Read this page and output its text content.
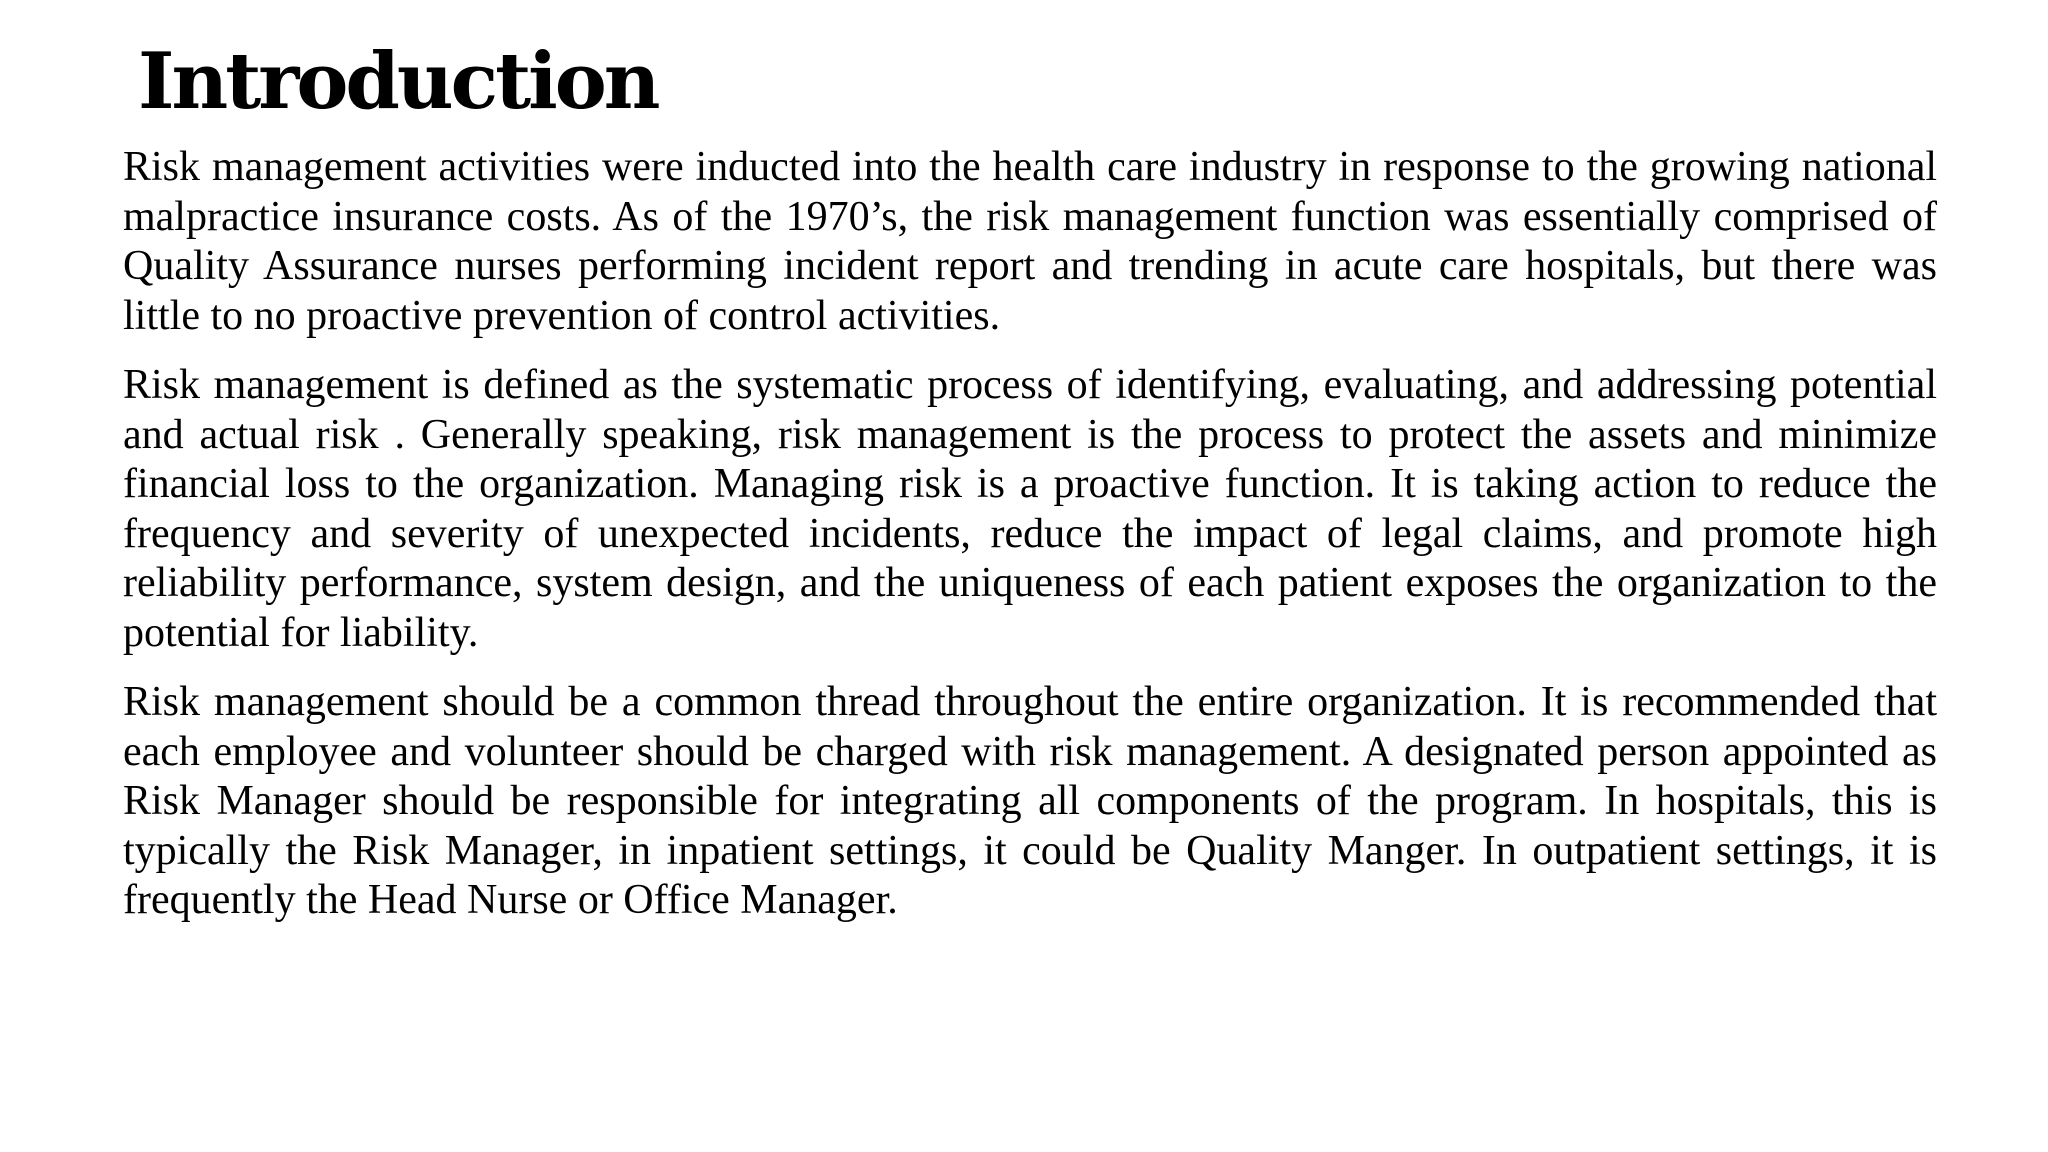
Introduction

Risk management activities were inducted into the health care industry in response to the growing national malpractice insurance costs. As of the 1970’s, the risk management function was essentially comprised of Quality Assurance nurses performing incident report and trending in acute care hospitals, but there was little to no proactive prevention of control activities.

Risk management is defined as the systematic process of identifying, evaluating, and addressing potential and actual risk . Generally speaking, risk management is the process to protect the assets and minimize financial loss to the organization. Managing risk is a proactive function. It is taking action to reduce the frequency and severity of unexpected incidents, reduce the impact of legal claims, and promote high reliability performance, system design, and the uniqueness of each patient exposes the organization to the potential for liability.

Risk management should be a common thread throughout the entire organization. It is recommended that each employee and volunteer should be charged with risk management. A designated person appointed as Risk Manager should be responsible for integrating all components of the program. In hospitals, this is typically the Risk Manager, in inpatient settings, it could be Quality Manger. In outpatient settings, it is frequently the Head Nurse or Office Manager.
